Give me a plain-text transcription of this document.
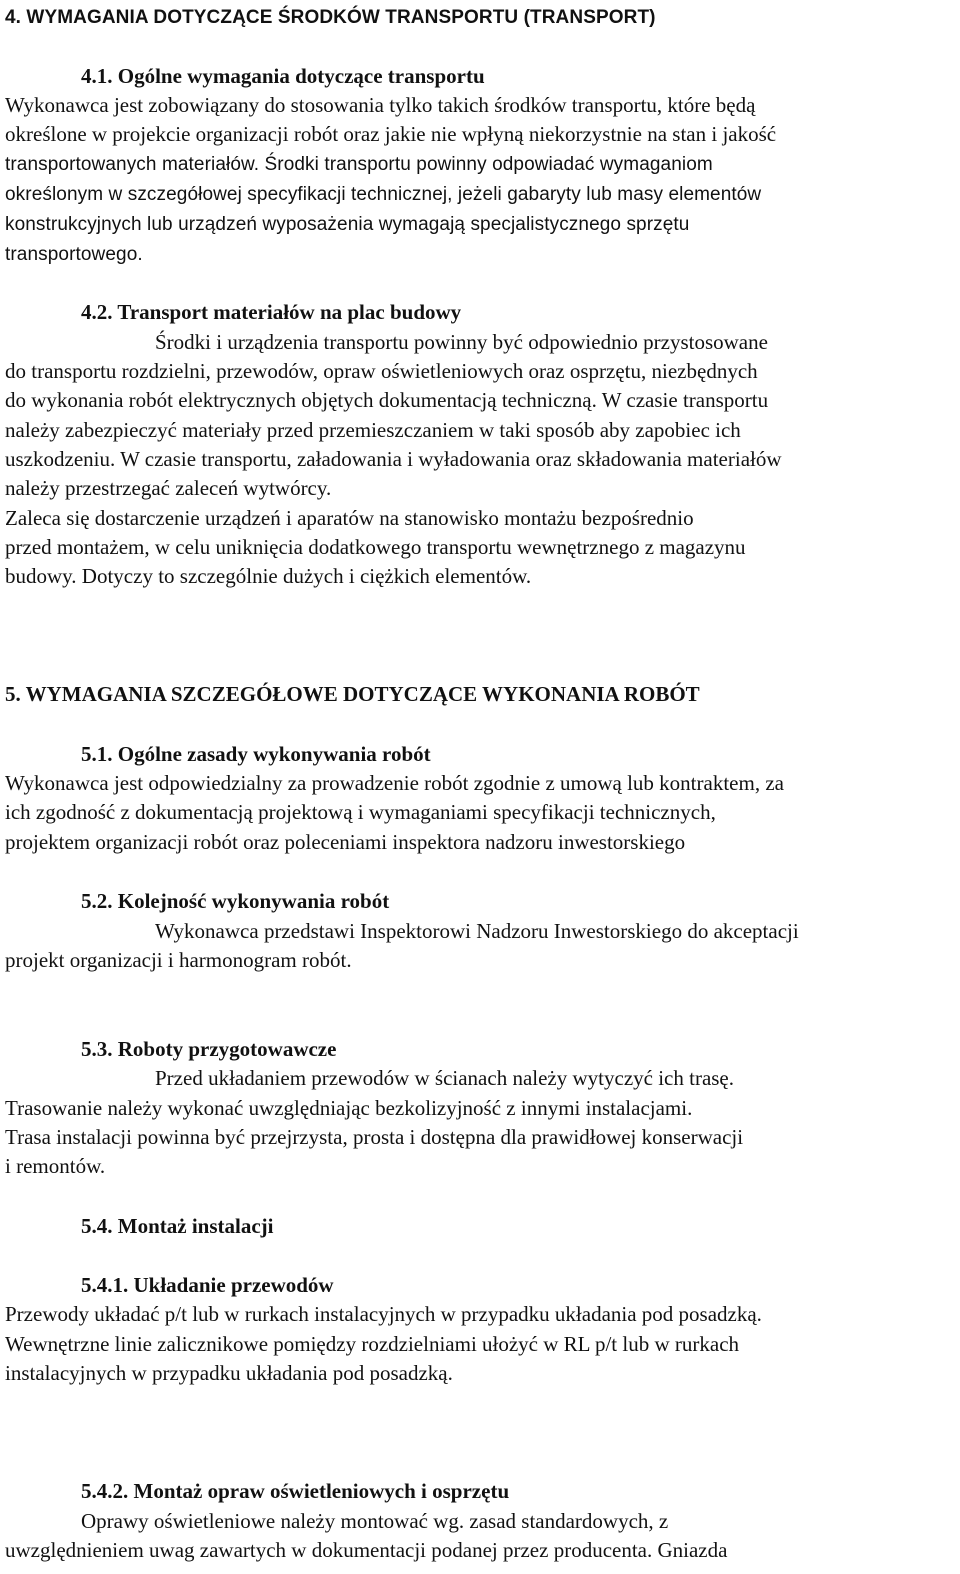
4. WYMAGANIA DOTYCZĄCE ŚRODKÓW TRANSPORTU (TRANSPORT)

4.1. Ogólne wymagania dotyczące transportu

Wykonawca jest zobowiązany do stosowania tylko takich środków transportu, które będą

określone w projekcie organizacji robót oraz jakie nie wpłyną niekorzystnie na stan i jakość

transportowanych materiałów. Środki transportu powinny odpowiadać wymaganiom

określonym w szczegółowej specyfikacji technicznej, jeżeli gabaryty lub masy elementów

konstrukcyjnych lub urządzeń wyposażenia wymagają specjalistycznego sprzętu

transportowego.

4.2. Transport materiałów na plac budowy

Środki i urządzenia transportu powinny być odpowiednio przystosowane

do transportu rozdzielni, przewodów, opraw oświetleniowych oraz osprzętu, niezbędnych

do wykonania robót elektrycznych objętych dokumentacją techniczną. W czasie transportu

należy zabezpieczyć materiały przed przemieszczaniem w taki sposób aby zapobiec ich

uszkodzeniu. W czasie transportu, załadowania i wyładowania oraz składowania materiałów

należy przestrzegać zaleceń wytwórcy.

Zaleca się dostarczenie urządzeń i aparatów na stanowisko montażu bezpośrednio

przed montażem, w celu uniknięcia dodatkowego transportu wewnętrznego z magazynu

budowy. Dotyczy to szczególnie dużych i ciężkich elementów.

5. WYMAGANIA SZCZEGÓŁOWE DOTYCZĄCE WYKONANIA ROBÓT

5.1. Ogólne zasady wykonywania robót

Wykonawca jest odpowiedzialny za prowadzenie robót zgodnie z umową lub kontraktem, za

ich zgodność z dokumentacją projektową i wymaganiami specyfikacji technicznych,

projektem organizacji robót oraz poleceniami inspektora nadzoru inwestorskiego

5.2. Kolejność wykonywania robót

Wykonawca przedstawi Inspektorowi Nadzoru Inwestorskiego do akceptacji

projekt organizacji i harmonogram robót.

5.3. Roboty przygotowawcze

Przed układaniem przewodów w ścianach należy wytyczyć ich trasę.

Trasowanie należy wykonać uwzględniając bezkolizyjność z innymi instalacjami.

Trasa instalacji powinna być przejrzysta, prosta i dostępna dla prawidłowej konserwacji

i remontów.

5.4. Montaż instalacji

5.4.1. Układanie przewodów

Przewody układać p/t lub w rurkach instalacyjnych w przypadku układania pod posadzką.

Wewnętrzne linie zalicznikowe pomiędzy rozdzielniami ułożyć w RL p/t lub w rurkach

instalacyjnych w przypadku układania pod posadzką.

5.4.2. Montaż opraw oświetleniowych i osprzętu

Oprawy oświetleniowe należy montować wg. zasad standardowych, z

uwzględnieniem uwag zawartych w dokumentacji podanej przez producenta. Gniazda
